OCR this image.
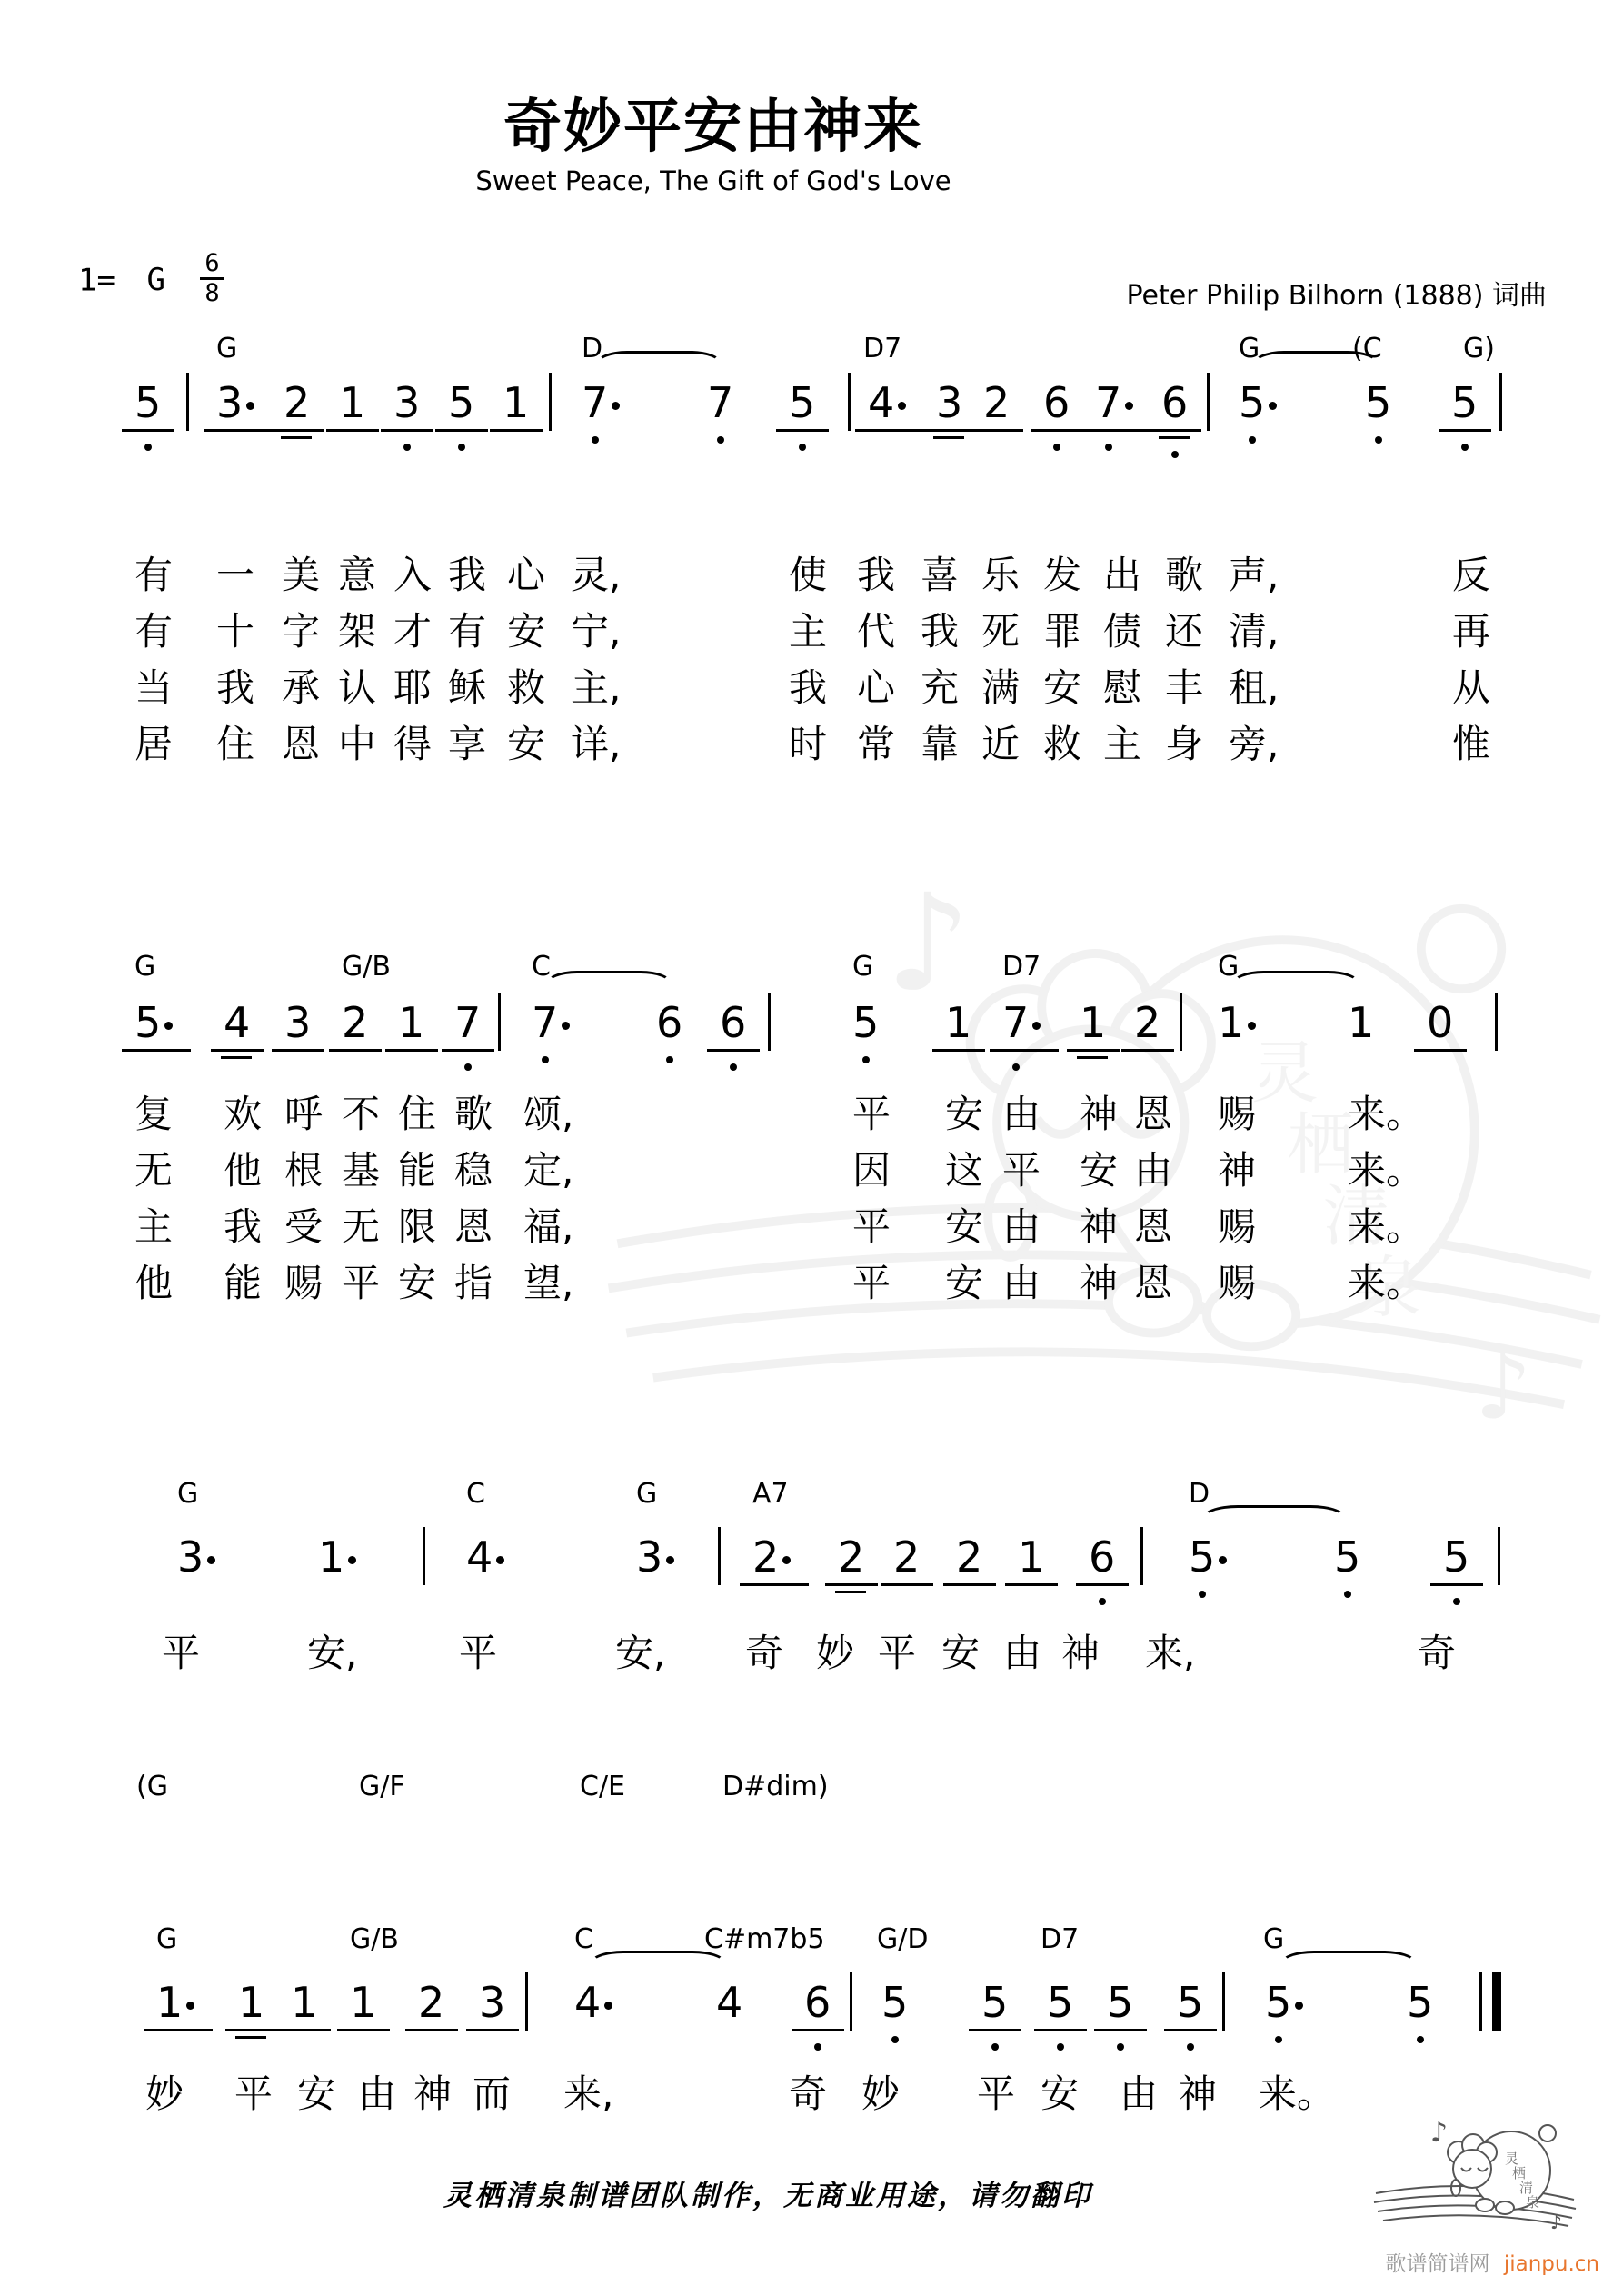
奇妙平安由神来
Sweet Peace, The Gift of God's Love
1= G $\frac{6}{8}$	Peter Philip Bilhorn (1888) 词曲
G	D	D7	G	(C	G)
5 3 2 1 3 5 1 7 7 5 4 3 2 6 7 6 5 5 5
有 一 美 意 入 我 心 灵,	使 我 喜 乐 发 出 歌 声,	反
有 十 字 架 才 有 安 宁,	主 代 我 死 罪 债 还 清,	再
当 我 承 认 耶 稣 救 主,	我 心 充 满 安 慰 丰 租,	从
居 住 恩 中 得 享 安 详,	时 常 靠 近 救 主 身 旁,	惟
G	G/B	C	G	D7	G
5 4 3 2 1 7 7 6 6	5 1 7 1 2 1 1 0
复 欢 呼 不 住 歌 颂,	平 安 由 神 恩 赐 来。
无 他 根 基 能 稳 定,	因 这 平 安 由 神 来。
主 我 受 无 限 恩 福,	平 安 由 神 恩 赐 来。
他 能 赐 平 安 指 望,	平 安 由 神 恩 赐 来。
G	C	G	A7	D
3	1	4	3 2 2 2 2 1 6 5	5 5
平	安,	平	安, 奇 妙 平 安 由 神 来,	奇
(G	G/F	C/E	D#dim)
G	G/B	C	C#m7b5 G/D	D7	G
1 1 1 1 2 3 4	4 6 5 5 5 5 5 5	5
妙 平 安 由 神 而 来,	奇 妙 平 安 由 神 来。
灵栖清泉制谱团队制作，无商业用途，请勿翻印
歌谱简谱网 jianpu.cn
